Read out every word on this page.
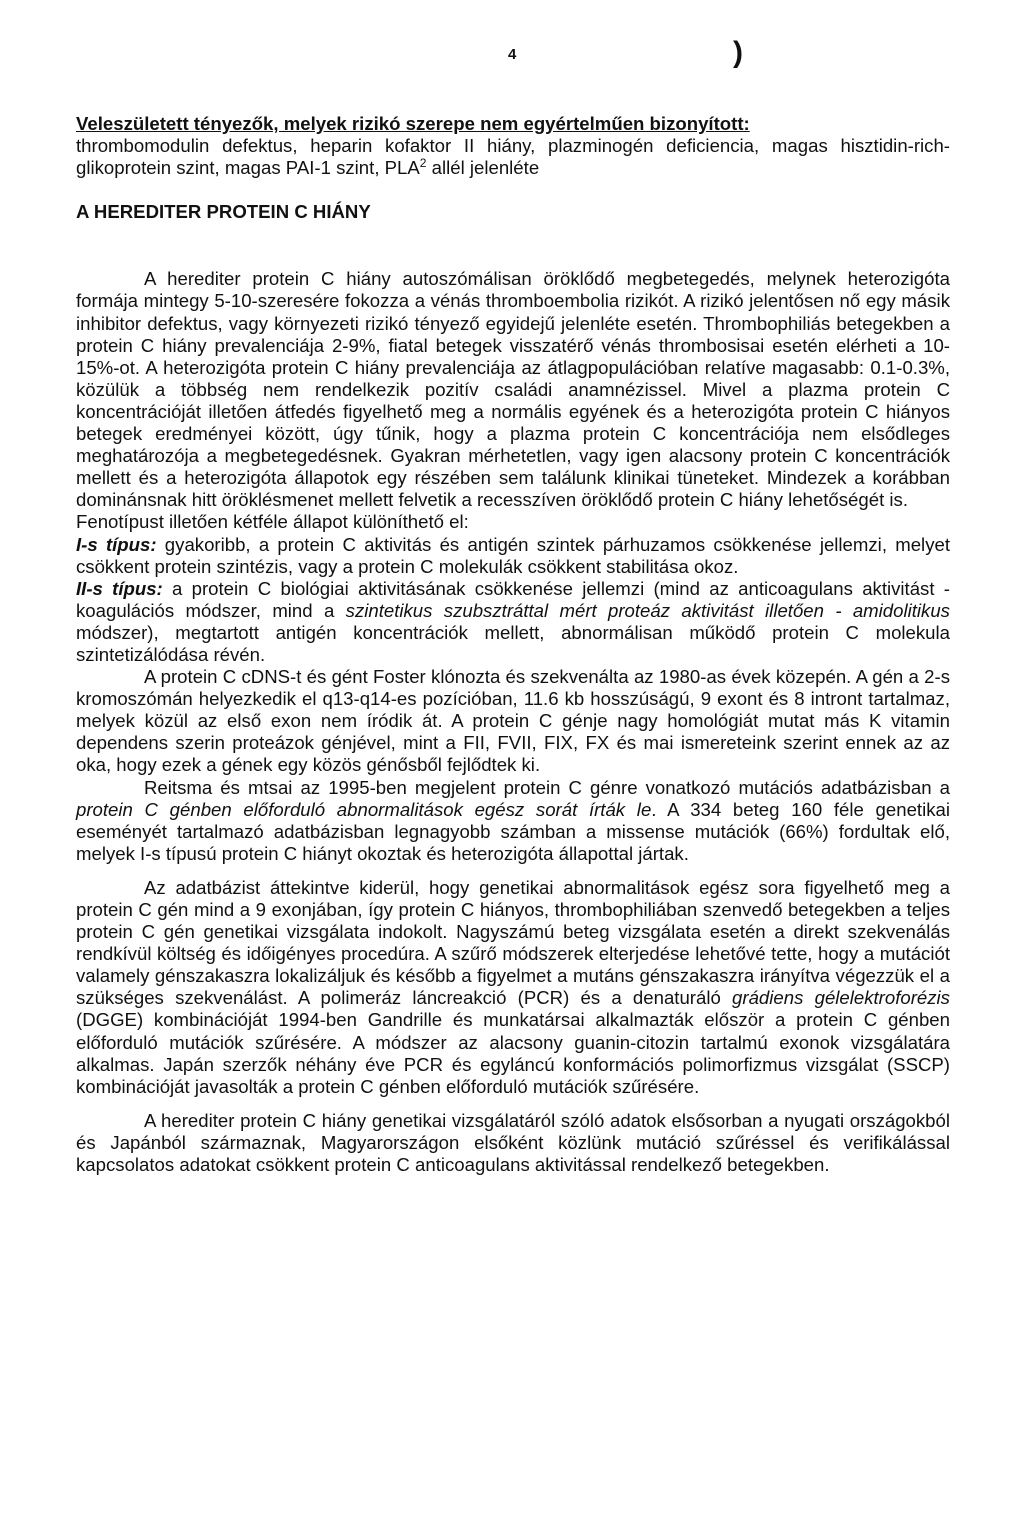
4	)

Veleszületett tényezők, melyek rizikó szerepe nem egyértelműen bizonyított:
thrombomodulin defektus, heparin kofaktor II hiány, plazminogén deficiencia, magas hisztidin-rich-glikoprotein szint, magas PAI-1 szint, PLA$^2$ allél jelenléte

A HEREDITER PROTEIN C HIÁNY

A herediter protein C hiány autoszómálisan öröklődő megbetegedés, melynek heterozigóta formája mintegy 5-10-szeresére fokozza a vénás thromboembolia rizikót. A rizikó jelentősen nő egy másik inhibitor defektus, vagy környezeti rizikó tényező egyidejű jelenléte esetén. Thrombophiliás betegekben a protein C hiány prevalenciája 2-9%, fiatal betegek visszatérő vénás thrombosisai esetén elérheti a 10-15%-ot. A heterozigóta protein C hiány prevalenciája az átlagpopulációban relatíve magasabb: 0.1-0.3%, közülük a többség nem rendelkezik pozitív családi anamnézissel. Mivel a plazma protein C koncentrációját illetően átfedés figyelhető meg a normális egyének és a heterozigóta protein C hiányos betegek eredményei között, úgy tűnik, hogy a plazma protein C koncentrációja nem elsődleges meghatározója a megbetegedésnek. Gyakran mérhetetlen, vagy igen alacsony protein C koncentrációk mellett és a heterozigóta állapotok egy részében sem találunk klinikai tüneteket. Mindezek a korábban dominánsnak hitt öröklésmenet mellett felvetik a recesszíven öröklődő protein C hiány lehetőségét is.

Fenotípust illetően kétféle állapot különíthető el:

I-s típus: gyakoribb, a protein C aktivitás és antigén szintek párhuzamos csökkenése jellemzi, melyet csökkent protein szintézis, vagy a protein C molekulák csökkent stabilitása okoz.

II-s típus: a protein C biológiai aktivitásának csökkenése jellemzi (mind az anticoagulans aktivitást - koagulációs módszer, mind a szintetikus szubsztráttal mért proteáz aktivitást illetően - amidolitikus módszer), megtartott antigén koncentrációk mellett, abnormálisan működő protein C molekula szintetizálódása révén.

A protein C cDNS-t és gént Foster klónozta és szekvenálta az 1980-as évek közepén. A gén a 2-s kromoszómán helyezkedik el q13-q14-es pozícióban, 11.6 kb hosszúságú, 9 exont és 8 intront tartalmaz, melyek közül az első exon nem íródik át. A protein C génje nagy homológiát mutat más K vitamin dependens szerin proteázok génjével, mint a FII, FVII, FIX, FX és mai ismereteink szerint ennek az az oka, hogy ezek a gének egy közös génősből fejlődtek ki.

Reitsma és mtsai az 1995-ben megjelent protein C génre vonatkozó mutációs adatbázisban a protein C génben előforduló abnormalitások egész sorát írták le. A 334 beteg 160 féle genetikai eseményét tartalmazó adatbázisban legnagyobb számban a missense mutációk (66%) fordultak elő, melyek I-s típusú protein C hiányt okoztak és heterozigóta állapottal jártak.

Az adatbázist áttekintve kiderül, hogy genetikai abnormalitások egész sora figyelhető meg a protein C gén mind a 9 exonjában, így protein C hiányos, thrombophiliában szenvedő betegekben a teljes protein C gén genetikai vizsgálata indokolt. Nagyszámú beteg vizsgálata esetén a direkt szekvenálás rendkívül költség és időigényes procedúra. A szűrő módszerek elterjedése lehetővé tette, hogy a mutációt valamely génszakaszra lokalizáljuk és később a figyelmet a mutáns génszakaszra irányítva végezzük el a szükséges szekvenálást. A polimeráz láncreakció (PCR) és a denaturáló grádiens gélelektroforézis (DGGE) kombinációját 1994-ben Gandrille és munkatársai alkalmazták először a protein C génben előforduló mutációk szűrésére. A módszer az alacsony guanin-citozin tartalmú exonok vizsgálatára alkalmas. Japán szerzők néhány éve PCR és egyláncú konformációs polimorfizmus vizsgálat (SSCP) kombinációját javasolták a protein C génben előforduló mutációk szűrésére.

A herediter protein C hiány genetikai vizsgálatáról szóló adatok elsősorban a nyugati országokból és Japánból származnak, Magyarországon elsőként közlünk mutáció szűréssel és verifikálással kapcsolatos adatokat csökkent protein C anticoagulans aktivitással rendelkező betegekben.
